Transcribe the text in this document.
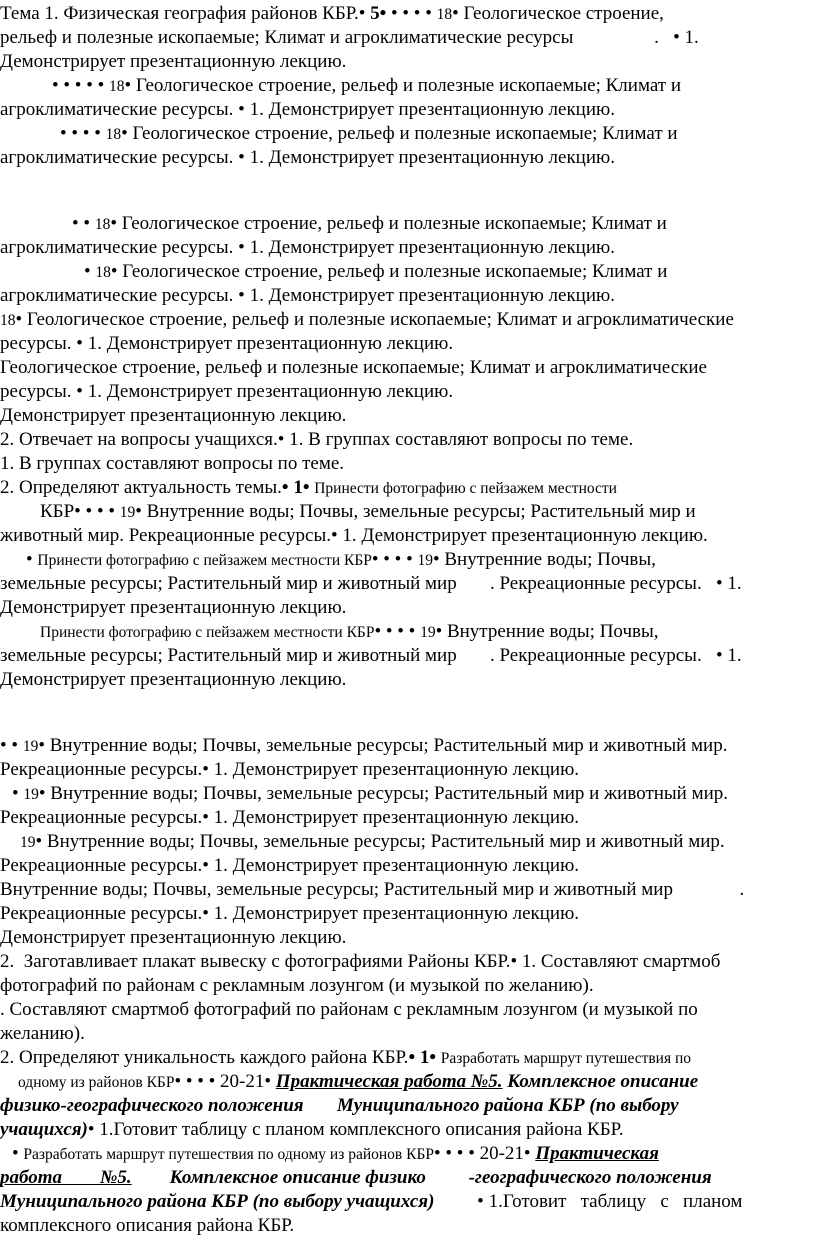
Тема 1. Физическая география районов КБР.• 5• • • • • 18• Геологическое строение,
рельеф и полезные ископаемые; Климат и агроклиматические ресурсы                 .   • 1.
Демонстрирует презентационную лекцию.
• • • • • 18• Геологическое строение, рельеф и полезные ископаемые; Климат и
агроклиматические ресурсы. • 1. Демонстрирует презентационную лекцию.
• • • • 18• Геологическое строение, рельеф и полезные ископаемые; Климат и
агроклиматические ресурсы. • 1. Демонстрирует презентационную лекцию.
• • 18• Геологическое строение, рельеф и полезные ископаемые; Климат и
агроклиматические ресурсы. • 1. Демонстрирует презентационную лекцию.
• 18• Геологическое строение, рельеф и полезные ископаемые; Климат и
агроклиматические ресурсы. • 1. Демонстрирует презентационную лекцию.
18• Геологическое строение, рельеф и полезные ископаемые; Климат и агроклиматические
ресурсы. • 1. Демонстрирует презентационную лекцию.
Геологическое строение, рельеф и полезные ископаемые; Климат и агроклиматические
ресурсы. • 1. Демонстрирует презентационную лекцию.
Демонстрирует презентационную лекцию.
2. Отвечает на вопросы учащихся.• 1. В группах составляют вопросы по теме.
1. В группах составляют вопросы по теме.
2. Определяют актуальность темы.• 1• Принести фотографию с пейзажем местности
КБР• • • • 19• Внутренние воды; Почвы, земельные ресурсы; Растительный мир и
животный мир. Рекреационные ресурсы.• 1. Демонстрирует презентационную лекцию.
• Принести фотографию с пейзажем местности КБР• • • • 19• Внутренние воды; Почвы,
земельные ресурсы; Растительный мир и животный мир       . Рекреационные ресурсы.   • 1.
Демонстрирует презентационную лекцию.
Принести фотографию с пейзажем местности КБР• • • • 19• Внутренние воды; Почвы,
земельные ресурсы; Растительный мир и животный мир       . Рекреационные ресурсы.   • 1.
Демонстрирует презентационную лекцию.
• • 19• Внутренние воды; Почвы, земельные ресурсы; Растительный мир и животный мир.
Рекреационные ресурсы.• 1. Демонстрирует презентационную лекцию.
• 19• Внутренние воды; Почвы, земельные ресурсы; Растительный мир и животный мир.
Рекреационные ресурсы.• 1. Демонстрирует презентационную лекцию.
19• Внутренние воды; Почвы, земельные ресурсы; Растительный мир и животный мир.
Рекреационные ресурсы.• 1. Демонстрирует презентационную лекцию.
Внутренние воды; Почвы, земельные ресурсы; Растительный мир и животный мир              .
Рекреационные ресурсы.• 1. Демонстрирует презентационную лекцию.
Демонстрирует презентационную лекцию.
2.  Заготавливает плакат вывеску с фотографиями Районы КБР.• 1. Составляют смартмоб
фотографий по районам с рекламным лозунгом (и музыкой по желанию).
. Составляют смартмоб фотографий по районам с рекламным лозунгом (и музыкой по
желанию).
2. Определяют уникальность каждого района КБР.• 1• Разработать маршрут путешествия по
одному из районов КБР• • • • 20-21• Практическая работа №5. Комплексное описание
физико-географического положения       Муниципального района КБР (по выбору
учащихся)• 1.Готовит таблицу с планом комплексного описания района КБР.
• Разработать маршрут путешествия по одному из районов КБР• • • • 20-21• Практическая
работа        №5. Комплексное описание физико         -географического положения
Муниципального района КБР (по выбору учащихся)         • 1.Готовит   таблицу   с   планом
комплексного описания района КБР.
